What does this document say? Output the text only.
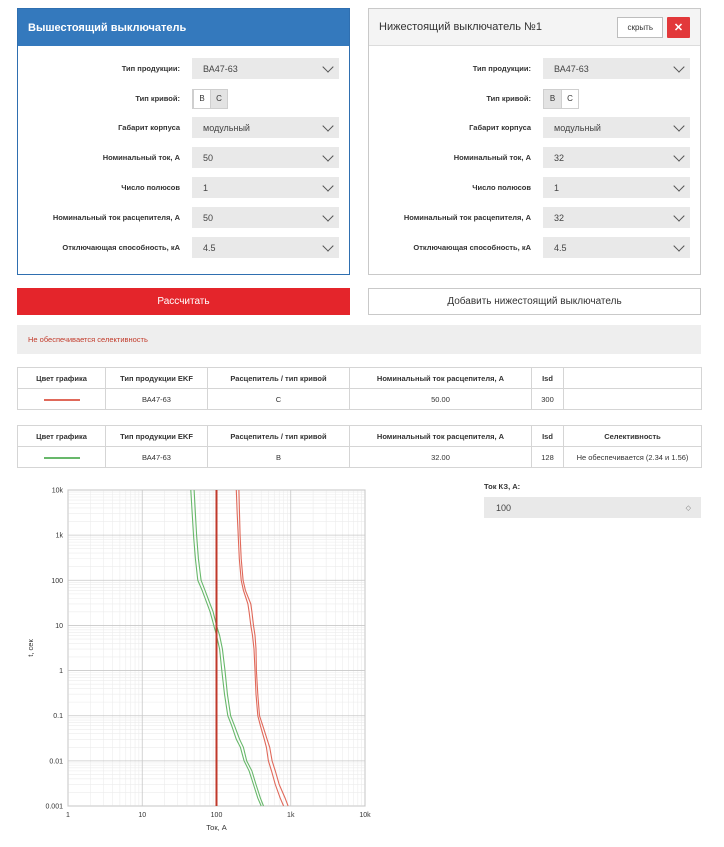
Вышестоящий выключатель
Тип продукции:	ВА47-63
Тип кривой:	B	C
Габарит корпуса	модульный
Номинальный ток, А	50
Число полюсов	1
Номинальный ток расцепителя, А	50
Отключающая способность, кА	4.5
Нижестоящий выключатель №1	скрыть	✕
Тип продукции:	ВА47-63
Тип кривой:	B	C
Габарит корпуса	модульный
Номинальный ток, А	32
Число полюсов	1
Номинальный ток расцепителя, А	32
Отключающая способность, кА	4.5
Рассчитать	Добавить нижестоящий выключатель
Не обеспечивается селективность
Цвет графика	Тип продукции EKF	Расцепитель / тип кривой	Номинальный ток расцепителя, А	Isd	
	ВА47-63	C	50.00	300	
Цвет графика	Тип продукции EKF	Расцепитель / тип кривой	Номинальный ток расцепителя, А	Isd	Селективность
	ВА47-63	B	32.00	128	Не обеспечивается (2.34 и 1.56)
1	10	100	1k	10k
0.001
0.01
0.1
1
10
100
1k
10k
Ток, А
t, сек
Ток КЗ, А:
100	◇
